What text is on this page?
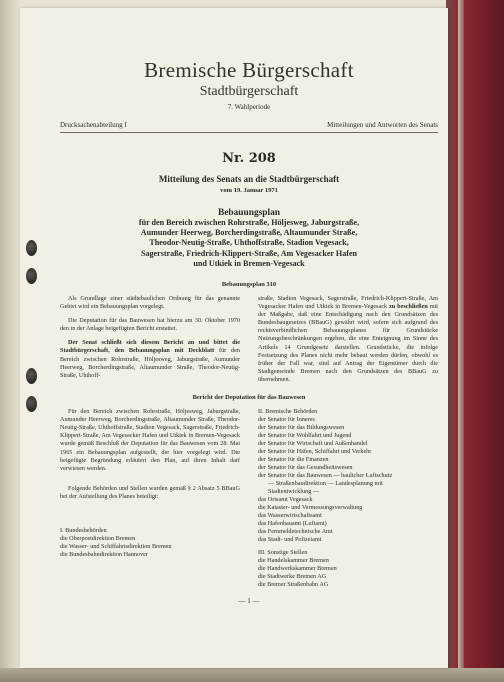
Bremische Bürgerschaft
Stadtbürgerschaft
7. Wahlperiode
Drucksachenabteilung I	Mitteilungen und Antworten des Senats
Nr. 208
Mitteilung des Senats an die Stadtbürgerschaft
vom 19. Januar 1971
Bebauungsplan
für den Bereich zwischen Rohrstraße, Höljesweg, Jaburgstraße,
Aumunder Heerweg, Borcherdingstraße, Altaumunder Straße,
Theodor-Neutig-Straße, Uhthoffstraße, Stadion Vegesack,
Sagerstraße, Friedrich-Klippert-Straße, Am Vegesacker Hafen
und Utkiek in Bremen-Vegesack
Bebauungsplan 310

Als Grundlage einer städtebaulichen Ordnung für das genannte Gebiet wird ein Bebauungsplan vorgelegt.

Die Deputation für das Bauwesen hat hierzu am 30. Oktober 1970 den in der Anlage beigefügten Bericht erstattet.

Der Senat schließt sich diesem Bericht an und bittet die Stadtbürgerschaft, den Bebauungsplan mit Deckblatt für den Bereich zwischen Rohrstraße, Höljesweg, Jaburgstraße, Aumunder Heerweg, Borcherdingstraße, Altaumunder Straße, Theodor-Neutig-Straße, Uhthoff-

straße, Stadion Vegesack, Sagerstraße, Friedrich-Klippert-Straße, Am Vegesacker Hafen und Utkiek in Bremen-Vegesack zu beschließen mit der Maßgabe, daß eine Entschädigung nach den Grundsätzen des Bundesbaugesetzes (BBauG) gewährt wird, sofern sich aufgrund des rechtsverbindlichen Bebauungsplanes für Grundstücke Nutzungsbeschränkungen ergeben, die eine Enteignung im Sinne des Artikels 14 Grundgesetz darstellen. Grundstücke, die infolge Festsetzung des Planes nicht mehr bebaut werden dürfen, obwohl es früher der Fall war, sind auf Antrag der Eigentümer durch die Stadtgemeinde Bremen nach den Grundsätzen des BBauG zu übernehmen.

Bericht der Deputation für das Bauwesen

Für den Bereich zwischen Rohrstraße, Höljesweg, Jaburgstraße, Aumunder Heerweg, Borcherdingstraße, Altaumunder Straße, Theodor-Neutig-Straße, Uhthoffstraße, Stadion Vegesack, Sagerstraße, Friedrich-Klippert-Straße, Am Vegesacker Hafen und Utkiek in Bremen-Vegesack wurde gemäß Beschluß der Deputation für das Bauwesen vom 28. Mai 1965 ein Bebauungsplan aufgestellt, der hier vorgelegt wird. Die beigefügte Begründung erläutert den Plan, auf ihren Inhalt darf verwiesen werden.

Folgende Behörden und Stellen wurden gemäß § 2 Absatz 5 BBauG bei der Aufstellung des Planes beteiligt:

I. Bundesbehörden
die Oberpostdirektion Bremen
die Wasser- und Schiffahrtsdirektion Bremen
die Bundesbahndirektion Hannover
II. Bremische Behörden
der Senator für Inneres
der Senator für das Bildungswesen
der Senator für Wohlfahrt und Jugend
der Senator für Wirtschaft und Außenhandel
der Senator für Häfen, Schiffahrt und Verkehr
der Senator für die Finanzen
der Senator für das Gesundheitswesen
der Senator für das Bauwesen — baulicher Luftschutz
— Straßenbaudirektion — Landesplanung mit
Stadtentwicklung —
das Ortsamt Vegesack
die Kataster- und Vermessungsverwaltung
das Wasserwirtschaftsamt
das Hafenbauamt (Luftamt)
das Fernmeldetechnische Amt
das Stadt- und Polizeiamt
III. Sonstige Stellen
die Handelskammer Bremen
die Handwerkskammer Bremen
die Stadtwerke Bremen AG
die Bremer Straßenbahn AG
— 1 —
